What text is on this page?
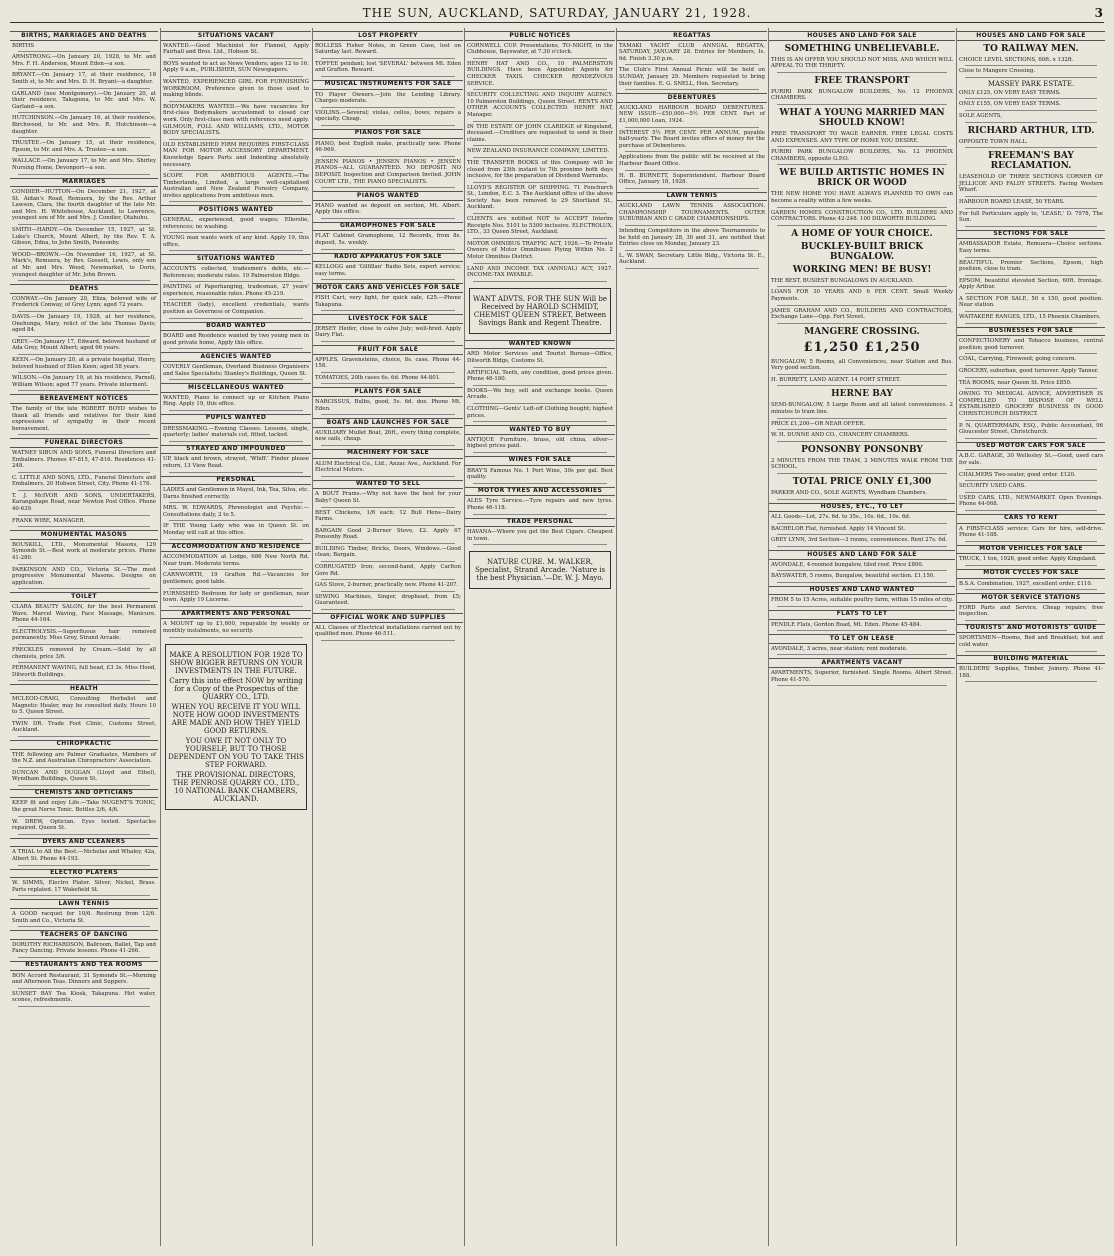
THE SUN, AUCKLAND, SATURDAY, JANUARY 21, 1928.	3
BIRTHS, MARRIAGES AND DEATHS
BIRTHS
ARMSTRONG.—On January 20, 1928, to Mr. and Mrs. F. H. Anderson, Mount Eden—a son.
BRYANT.—On January 17, at their residence, 18 Smith st, to Mr. and Mrs. D. H. Bryant—a daughter.
GARLAND (nee Montgomery).—On January 20, at their residence, Takapuna, to Mr. and Mrs. W. Garland—a son.
HUTCHINSON.—On January 16, at their residence, Birchwood, to Mr. and Mrs. R. Hutchinson—a daughter.
TRUSTEE.—On January 15, at their residence, Epsom, to Mr. and Mrs. A. Trustee—a son.
WALLACE.—On January 17, to Mr. and Mrs. Shirley Nursing Home, Devonport—a son.
MARRIAGES
CONDIER—HUTTON—On December 21, 1927, at St. Aidan's Road, Remuera, by the Rev. Arthur Lawson, Clara, the fourth daughter of the late Mr. and Mrs. H. Whitehouse, Auckland, to Lawrence, youngest son of Mr. and Mrs. J. Condier, Otahuhu.
SMITH—HARDY.—On December 15, 1927, at St. Luke's Church, Mount Albert, by the Rev. T. A. Gibson, Edna, to John Smith, Ponsonby.
WOOD—BROWN.—On November 16, 1927, at St. Mark's, Remuera, by Rev. Gossett, Lewis, only son of Mr. and Mrs. Wood, Newmarket, to Doris, youngest daughter of Mr. John Brown.
DEATHS
CONWAY.—On January 20, Eliza, beloved wife of Frederick Conway, of Grey Lynn; aged 72 years.
DAVIS.—On January 19, 1928, at her residence, Onehunga, Mary, relict of the late Thomas Davis; aged 84.
GREY.—On January 17, Edward, beloved husband of Ada Grey, Mount Albert; aged 66 years.
KEEN.—On January 20, at a private hospital, Henry, beloved husband of Ellen Keen; aged 58 years.
WILSON.—On January 19, at his residence, Parnell, William Wilson; aged 77 years. Private interment.
BEREAVEMENT NOTICES
The family of the late ROBERT BOYD wishes to thank all friends and relatives for their kind expressions of sympathy in their recent bereavement.
FUNERAL DIRECTORS
WATNEY SIBUN AND SONS, Funeral Directors and Embalmers. Phones 47-815, 47-816. Residences 41-248.
C. LITTLE AND SONS, LTD., Funeral Directors and Embalmers, 20 Hobson Street, City. Phone 41-176.
T. J. McIVOR AND SONS, UNDERTAKERS, Karangahape Road, near Newton Post Office. Phone 40-639.
FRANK WIRE, MANAGER.
MONUMENTAL MASONS
BOUSKILL, LTD., Monumental Masons, 129 Symonds St.—Best work at moderate prices. Phone 41-280.
PARKINSON AND CO., Victoria St.—The most progressive Monumental Masons. Designs on application.
TOILET
CLARA BEAUTY SALON, for the best Permanent Wave. Marcel Waving, Face Massage, Manicure. Phone 44-164.
ELECTROLYSIS.—Superfluous hair removed permanently. Miss Grey, Strand Arcade.
FRECKLES removed by Cream.—Sold by all chemists, price 3/6.
PERMANENT WAVING, full head, £3 3s. Miss Hood, Dilworth Buildings.
HEALTH
MCLEOD-CRAIG, Consulting Herbalist and Magnetic Healer, may be consulted daily. Hours 10 to 5. Queen Street.
TWIN DR. Trade Foot Clinic, Customs Street, Auckland.
CHIROPRACTIC
THE following are Palmer Graduates, Members of the N.Z. and Australian Chiropractors' Association.
DUNCAN AND DUGGAN (Lloyd and Ethel), Wyndham Buildings, Queen St.
CHEMISTS AND OPTICIANS
KEEP fit and enjoy Life.—Take NUGENT'S TONIC, the great Nerve Tonic. Bottles 2/6, 4/6.
W. DREW, Optician. Eyes tested. Spectacles repaired. Queen St.
DYERS AND CLEANERS
A TRIAL to All the Best.—Nicholas and Whaley, 42a, Albert St. Phone 44-193.
ELECTRO PLATERS
W. SIMMS, Electro Plater. Silver, Nickel, Brass. Parts replated. 17 Wakefield St.
LAWN TENNIS
A GOOD racquet for 10/6. Restrung from 12/6. Smith and Co., Victoria St.
TEACHERS OF DANCING
DOROTHY RICHARDSON, Ballroom, Ballet, Tap and Fancy Dancing. Private lessons. Phone 41-266.
RESTAURANTS AND TEA ROOMS
BON Accord Restaurant, 31 Symonds St.—Morning and Afternoon Teas. Dinners and Suppers.
SUNSET BAY Tea Kiosk, Takapuna. Hot water, scones, refreshments.
SITUATIONS VACANT
WANTED.—Good Machinist for Flannel, Apply Fairhall and Bros. Ltd., Hobson St.
BOYS wanted to act as News Vendors; ages 12 to 16. Apply 9 a.m., PUBLISHER, SUN Newspapers.
WANTED, EXPERIENCED GIRL FOR FURNISHING WORKROOM. Preference given to those used to making blinds.
BODYMAKERS WANTED.—We have vacancies for first-class Bodymakers accustomed to closed car work. Only first-class men with reference need apply. GILMOUR, FOLL AND WILLIAMS, LTD., MOTOR BODY SPECIALISTS.
OLD ESTABLISHED FIRM REQUIRES FIRST-CLASS MAN FOR MOTOR ACCESSORY DEPARTMENT. Knowledge Spare Parts and Indenting absolutely necessary.
SCOPE FOR AMBITIOUS AGENTS.—The Timberlands, Limited, a large well-capitalised Australian and New Zealand Forestry Company, invites applications from ambitious men.
POSITIONS WANTED
GENERAL, experienced, good wages; Ellerslie, references; no washing.
YOUNG man wants work of any kind. Apply 19, this office.
SITUATIONS WANTED
ACCOUNTS collected, tradesmen's debts, etc.—References; moderate rates. 19 Palmerston Bldgs.
PAINTING of Paperhanging, tradesman, 27 years' experience, reasonable rates. Phone 45-219.
TEACHER (lady), excellent credentials, wants position as Governess or Companion.
BOARD WANTED
BOARD and Residence wanted by two young men in good private home, Apply this office.
AGENCIES WANTED
COVERLY Gentleman, Overland Business Organisers and Sales Specialists; Stanley's Buildings, Queen St.
MISCELLANEOUS WANTED
WANTED, Piano to connect up or Kitchen Piano Ring. Apply 19, this office.
PUPILS WANTED
DRESSMAKING.—Evening Classes. Lessons, single, quarterly; ladies' materials cut, fitted, tacked.
STRAYED AND IMPOUNDED
UP, black and brown, strayed, 'Whiff.' Finder please return, 13 View Road.
PERSONAL
LADIES and Gentlemen in Mayol, Ink, Tea, Silva, etc. Darns finished correctly.
MRS. W. EDWARDS, Phrenologist and Psychic.—Consultations daily, 2 to 5.
IF THE Young Lady who was in Queen St. on Monday will call at this office.
ACCOMMODATION AND RESIDENCE
ACCOMMODATION at Lodge, 686 New North Rd. Near tram. Moderate terms.
CARNWORTH, 19 Grafton Rd.—Vacancies for gentlemen; good table.
FURNISHED Bedroom for lady or gentleman, near town. Apply 19 Lucerne.
APARTMENTS AND PERSONAL
A MOUNT up to £1,600, repayable by weekly or monthly instalments, no security.
MAKE A RESOLUTION FOR 1928 TO SHOW BIGGER RETURNS ON YOUR INVESTMENTS IN THE FUTURE.
Carry this into effect NOW by writing for a Copy of the Prospectus of the QUARRY CO., LTD.
WHEN YOU RECEIVE IT YOU WILL NOTE HOW GOOD INVESTMENTS ARE MADE AND HOW THEY YIELD GOOD RETURNS.
YOU OWE IT NOT ONLY TO YOURSELF, BUT TO THOSE DEPENDENT ON YOU TO TAKE THIS STEP FORWARD.
THE PROVISIONAL DIRECTORS, THE PENROSE QUARRY CO., LTD., 10 NATIONAL BANK CHAMBERS, AUCKLAND.
LOST PROPERTY
ROLLESS Fisher Notes, in Green Case, lost on Saturday last. Reward.
TOFFEE pendant; lost 'SEVERAL' between Mt. Eden and Grafton. Reward.
MUSICAL INSTRUMENTS FOR SALE
TO Player Owners.—Join the Lending Library. Charges moderate.
VIOLINS.—Several; violas, cellos, bows; repairs a specialty. Cheap.
PIANOS FOR SALE
PIANO, best English make, practically new. Phone 46-969.
JENSEN PIANOS • JENSEN PIANOS • JENSEN PIANOS—ALL GUARANTEED. NO DEPOSIT. NO DEPOSIT. Inspection and Comparison Invited. JOHN COURT LTD., THE PIANO SPECIALISTS.
PIANOS WANTED
PIANO wanted as deposit on section, Mt. Albert. Apply this office.
GRAMOPHONES FOR SALE
FLAT Cabinet Gramophone, 12 Records, from 8s. deposit, 5s. weekly.
RADIO APPARATUS FOR SALE
KELLOGG and 'Gilfillan' Radio Sets, expert service; easy terms.
MOTOR CARS AND VEHICLES FOR SALE
FISH Cart, very light, for quick sale, £25.—Phone Takapuna.
LIVESTOCK FOR SALE
JERSEY Heifer, close to calve July; well-bred. Apply Dairy Flat.
FRUIT FOR SALE
APPLES, Gravensteins, choice, 8s. case. Phone 44-158.
TOMATOES, 20lb cases 6s. 6d. Phone 44-801.
PLANTS FOR SALE
NARCISSUS, Bulbs, good, 5s. 6d. doz. Phone Mt. Eden.
BOATS AND LAUNCHES FOR SALE
AUXILIARY Mullet Boat, 26ft., every thing complete, new sails, cheap.
MACHINERY FOR SALE
ALUM Electrical Co., Ltd., Anzac Ave., Auckland. For Electrical Motors.
WANTED TO SELL
A BOUT Prams.—Why not have the best for your Baby? Queen St.
BEST Chickens, 1/6 each; 12 Bull Hens—Dairy Farms.
BARGAIN Good 2-Burner Stove, £2. Apply 67 Ponsonby Road.
BUILDING Timber, Bricks, Doors, Windows.—Good clean; Bargain.
CORRUGATED Iron; second-hand, Apply Carlton Gore Rd.
GAS Stove, 2-burner, practically new. Phone 41-207.
SEWING Machines, Singer, drophead, from £5; Guaranteed.
OFFICIAL WORK AND SUPPLIES
ALL Classes of Electrical installations carried out by qualified men. Phone 46-511.
PUBLIC NOTICES
CORNWELL CUP. Presentations, TO-NIGHT, in the Clubhouse, Bayswater, at 7.30 o'clock.
HENRY HAT AND CO., 10 PALMERSTON BUILDINGS. Have been Appointed Agents for CHECKER TAXIS. CHECKER RENDEZVOUS SERVICE.
SECURITY COLLECTING AND INQUIRY AGENCY. 10 Palmerston Buildings, Queen Street. RENTS AND OTHER ACCOUNTS COLLECTED. HENRY HAT, Manager.
IN THE ESTATE OF JOHN CLARIDGE of Kingsland, deceased.—Creditors are requested to send in their claims.
NEW ZEALAND INSURANCE COMPANY, LIMITED.
THE TRANSFER BOOKS of this Company will be closed from 23th instant to 7th proximo both days inclusive, for the preparation of Dividend Warrants.
LLOYD'S REGISTER OF SHIPPING. 71 Fenchurch St., London, E.C. 3. The Auckland office of the above Society has been removed to 29 Shortland St., Auckland.
CLIENTS are notified NOT to ACCEPT Interim Receipts Nos. 5101 to 5300 inclusive. ELECTROLUX, LTD., 33 Queen Street, Auckland.
MOTOR OMNIBUS TRAFFIC ACT, 1926.—To Private Owners of Motor Omnibuses Plying Within No. 2 Motor Omnibus District.
LAND AND INCOME TAX (ANNUAL) ACT, 1927. INCOME-TAX PAYABLE.
WANT ADVTS. FOR THE SUN Will be Received by HAROLD SCHMIDT, CHEMIST QUEEN STREET, Between Savings Bank and Regent Theatre.
WANTED KNOWN
ARD Motor Services and Tourist Bureau—Office, Dilworth Bldgs, Customs St.
ARTIFICIAL Teeth, any condition, good prices given. Phone 46-180.
BOOKS—We buy, sell and exchange books. Queen Arcade.
CLOTHING—Gents' Left-off Clothing bought; highest prices.
WANTED TO BUY
ANTIQUE Furniture, brass, old china, silver—highest prices paid.
WINES FOR SALE
BRAY'S Famous No. 1 Port Wine, 30s per gal. Best quality.
MOTOR TYRES AND ACCESSORIES
ALES Tyre Service.—Tyre repairs and new tyres. Phone 46-118.
TRADE PERSONAL
HAVANA—Where you get the Best Cigars. Cheapest in town.
NATURE CURE. M. WALKER, Specialist, Strand Arcade. 'Nature is the best Physician.'—Dr. W. J. Mayo.
REGATTAS
TAMAKI YACHT CLUB ANNUAL REGATTA, SATURDAY, JANUARY 28. Entries for Members, Is. 6d. Finish 3.30 p.m.
The Club's First Annual Picnic will be held on SUNDAY, January 29. Members requested to bring their families. E. G. SNELL, Hon. Secretary.
DEBENTURES
AUCKLAND HARBOUR BOARD DEBENTURES. NEW ISSUE—£50,000—5½ PER CENT. Part of £1,000,000 Loan, 1924.
INTEREST 5½ PER CENT. PER ANNUM, payable half-yearly. The Board invites offers of money for the purchase of Debentures.
Applications from the public will be received at the Harbour Board Office.
H. B. BURNETT, Superintendent. Harbour Board Office, January 18, 1928.
LAWN TENNIS
AUCKLAND LAWN TENNIS ASSOCIATION. CHAMPIONSHIP TOURNAMENTS. OUTER SUBURBAN AND C GRADE CHAMPIONSHIPS.
Intending Competitors in the above Tournaments to be held on January 28, 30 and 31, are notified that Entries close on Monday, January 23.
L. W. SWAN, Secretary. Little Bldg., Victoria St. E., Auckland.
HOUSES AND LAND FOR SALE
SOMETHING UNBELIEVABLE.
THIS IS AN OFFER YOU SHOULD NOT MISS, AND WHICH WILL APPEAL TO THE THRIFTY.
FREE TRANSPORT
PURIRI PARK BUNGALOW BUILDERS, No. 12 PHOENIX CHAMBERS.
WHAT A YOUNG MARRIED MAN SHOULD KNOW!
FREE TRANSPORT TO WAGE EARNER. FREE LEGAL COSTS AND EXPENSES. ANY TYPE OF HOME YOU DESIRE.
PURIRI PARK BUNGALOW BUILDERS, No. 12 PHOENIX CHAMBERS, opposite G.P.O.
WE BUILD ARTISTIC HOMES IN BRICK OR WOOD
THE NEW HOME YOU HAVE ALWAYS PLANNED TO OWN can become a reality within a few weeks.
GARDEN HOMES CONSTRUCTION CO., LTD. BUILDERS AND CONTRACTORS. Phone 42-248. 100 DILWORTH BUILDING.
A HOME OF YOUR CHOICE.
BUCKLEY-BUILT BRICK BUNGALOW.
WORKING MEN! BE BUSY!
THE BEST, BUSIEST BUNGALOWS IN AUCKLAND.
LOANS FOR 30 YEARS AND 6 PER CENT. Small Weekly Payments.
JAMES GRAHAM AND CO., BUILDERS AND CONTRACTORS, Exchange Lane—Opp. Fort Street.
MANGERE CROSSING.
£1,250 £1,250
BUNGALOW, 5 Rooms, all Conveniences, near Station and Bus. Very good section.
H. BURRETT, LAND AGENT. 14 FORT STREET.
HERNE BAY
SEMI-BUNGALOW, 5 Large Room and all latest conveniences. 2 minutes to tram line.
PRICE £1,200—OR NEAR OFFER.
W. H. DUNNE AND CO., CHANCERY CHAMBERS.
PONSONBY PONSONBY
2 MINUTES FROM THE TRAM, 2 MINUTES WALK FROM THE SCHOOL.
TOTAL PRICE ONLY £1,300
PARKER AND CO., SOLE AGENTS, Wyndham Chambers.
HOUSES, ETC., TO LET
ALL Goods—Lot, 27s. 6d. to 35s., 10s. 6d., 10s. 6d.
BACHELOR Flat, furnished. Apply 14 Vincent St.
GREY LYNN, 3rd Section—3 rooms, conveniences. Rent 27s. 6d.
HOUSES AND LAND FOR SALE
AVONDALE, 4-roomed bungalow, tiled roof. Price £800.
BAYSWATER, 5 rooms, Bungalow, beautiful section. £1,150.
HOUSES AND LAND WANTED
FROM 5 to 15 Acres, suitable poultry farm, within 15 miles of city.
FLATS TO LET
PENDLE Flats, Gordon Road, Mt. Eden. Phone 45-484.
TO LET ON LEASE
AVONDALE, 3 acres, near station; rent moderate.
APARTMENTS VACANT
APARTMENTS, Superior, furnished. Single Rooms. Albert Street. Phone 41-570.
HOUSES AND LAND FOR SALE
TO RAILWAY MEN.
CHOICE LEVEL SECTIONS, 60ft. x 132ft.
Close to Mangere Crossing.
MASSEY PARK ESTATE.
ONLY £125, ON VERY EASY TERMS.
ONLY £155, ON VERY EASY TERMS.
SOLE AGENTS,
RICHARD ARTHUR, LTD.
OPPOSITE TOWN HALL.
FREEMAN'S BAY RECLAMATION.
LEASEHOLD OF THREE SECTIONS CORNER OF JELLICOE AND FALDY STREETS. Facing Western Wharf.
HARBOUR BOARD LEASE, 50 YEARS.
For full Particulars apply to, 'LEASE,' D. 7978, The Sun.
SECTIONS FOR SALE
AMBASSADOR Estate, Remuera—Choice sections. Easy terms.
BEAUTIFUL Premier Sections, Epsom, high position, close to tram.
EPSOM, beautiful elevated Section, 60ft. frontage. Apply Arthur.
A SECTION FOR SALE, 50 x 150, good position. Near station.
WAITAKERE RANGES, LTD., 15 Phoenix Chambers.
BUSINESSES FOR SALE
CONFECTIONERY and Tobacco business, central position; good turnover.
COAL, Carrying, Firewood; going concern.
GROCERY, suburban, good turnover. Apply Tanner.
TEA ROOMS, near Queen St. Price £850.
OWING TO MEDICAL ADVICE, ADVERTISER IS COMPELLED TO DISPOSE OF WELL ESTABLISHED GROCERY BUSINESS IN GOOD CHRISTCHURCH DISTRICT.
P. N. QUARTERMAIN, ESQ., Public Accountant, 96 Gloucester Street, Christchurch.
USED MOTOR CARS FOR SALE
A.B.C. GARAGE, 30 Wellesley St.—Good, used cars for sale.
CHALMERS Two-seater, good order. £120.
SECURITY USED CARS.
USED CARS, LTD., NEWMARKET. Open Evenings. Phone 44-068.
CARS TO RENT
A FIRST-CLASS service: Cars for hire, self-drive. Phone 41-188.
MOTOR VEHICLES FOR SALE
TRUCK, 1 ton, 1926, good order. Apply Kingsland.
MOTOR CYCLES FOR SALE
B.S.A. Combination, 1927, excellent order. £110.
MOTOR SERVICE STATIONS
FORD Parts and Service. Cheap repairs; free inspection.
TOURISTS' AND MOTORISTS' GUIDE
SPORTSMEN—Rooms, Bed and Breakfast; hot and cold water.
BUILDING MATERIAL
BUILDERS' Supplies, Timber, Joinery. Phone 41-188.
